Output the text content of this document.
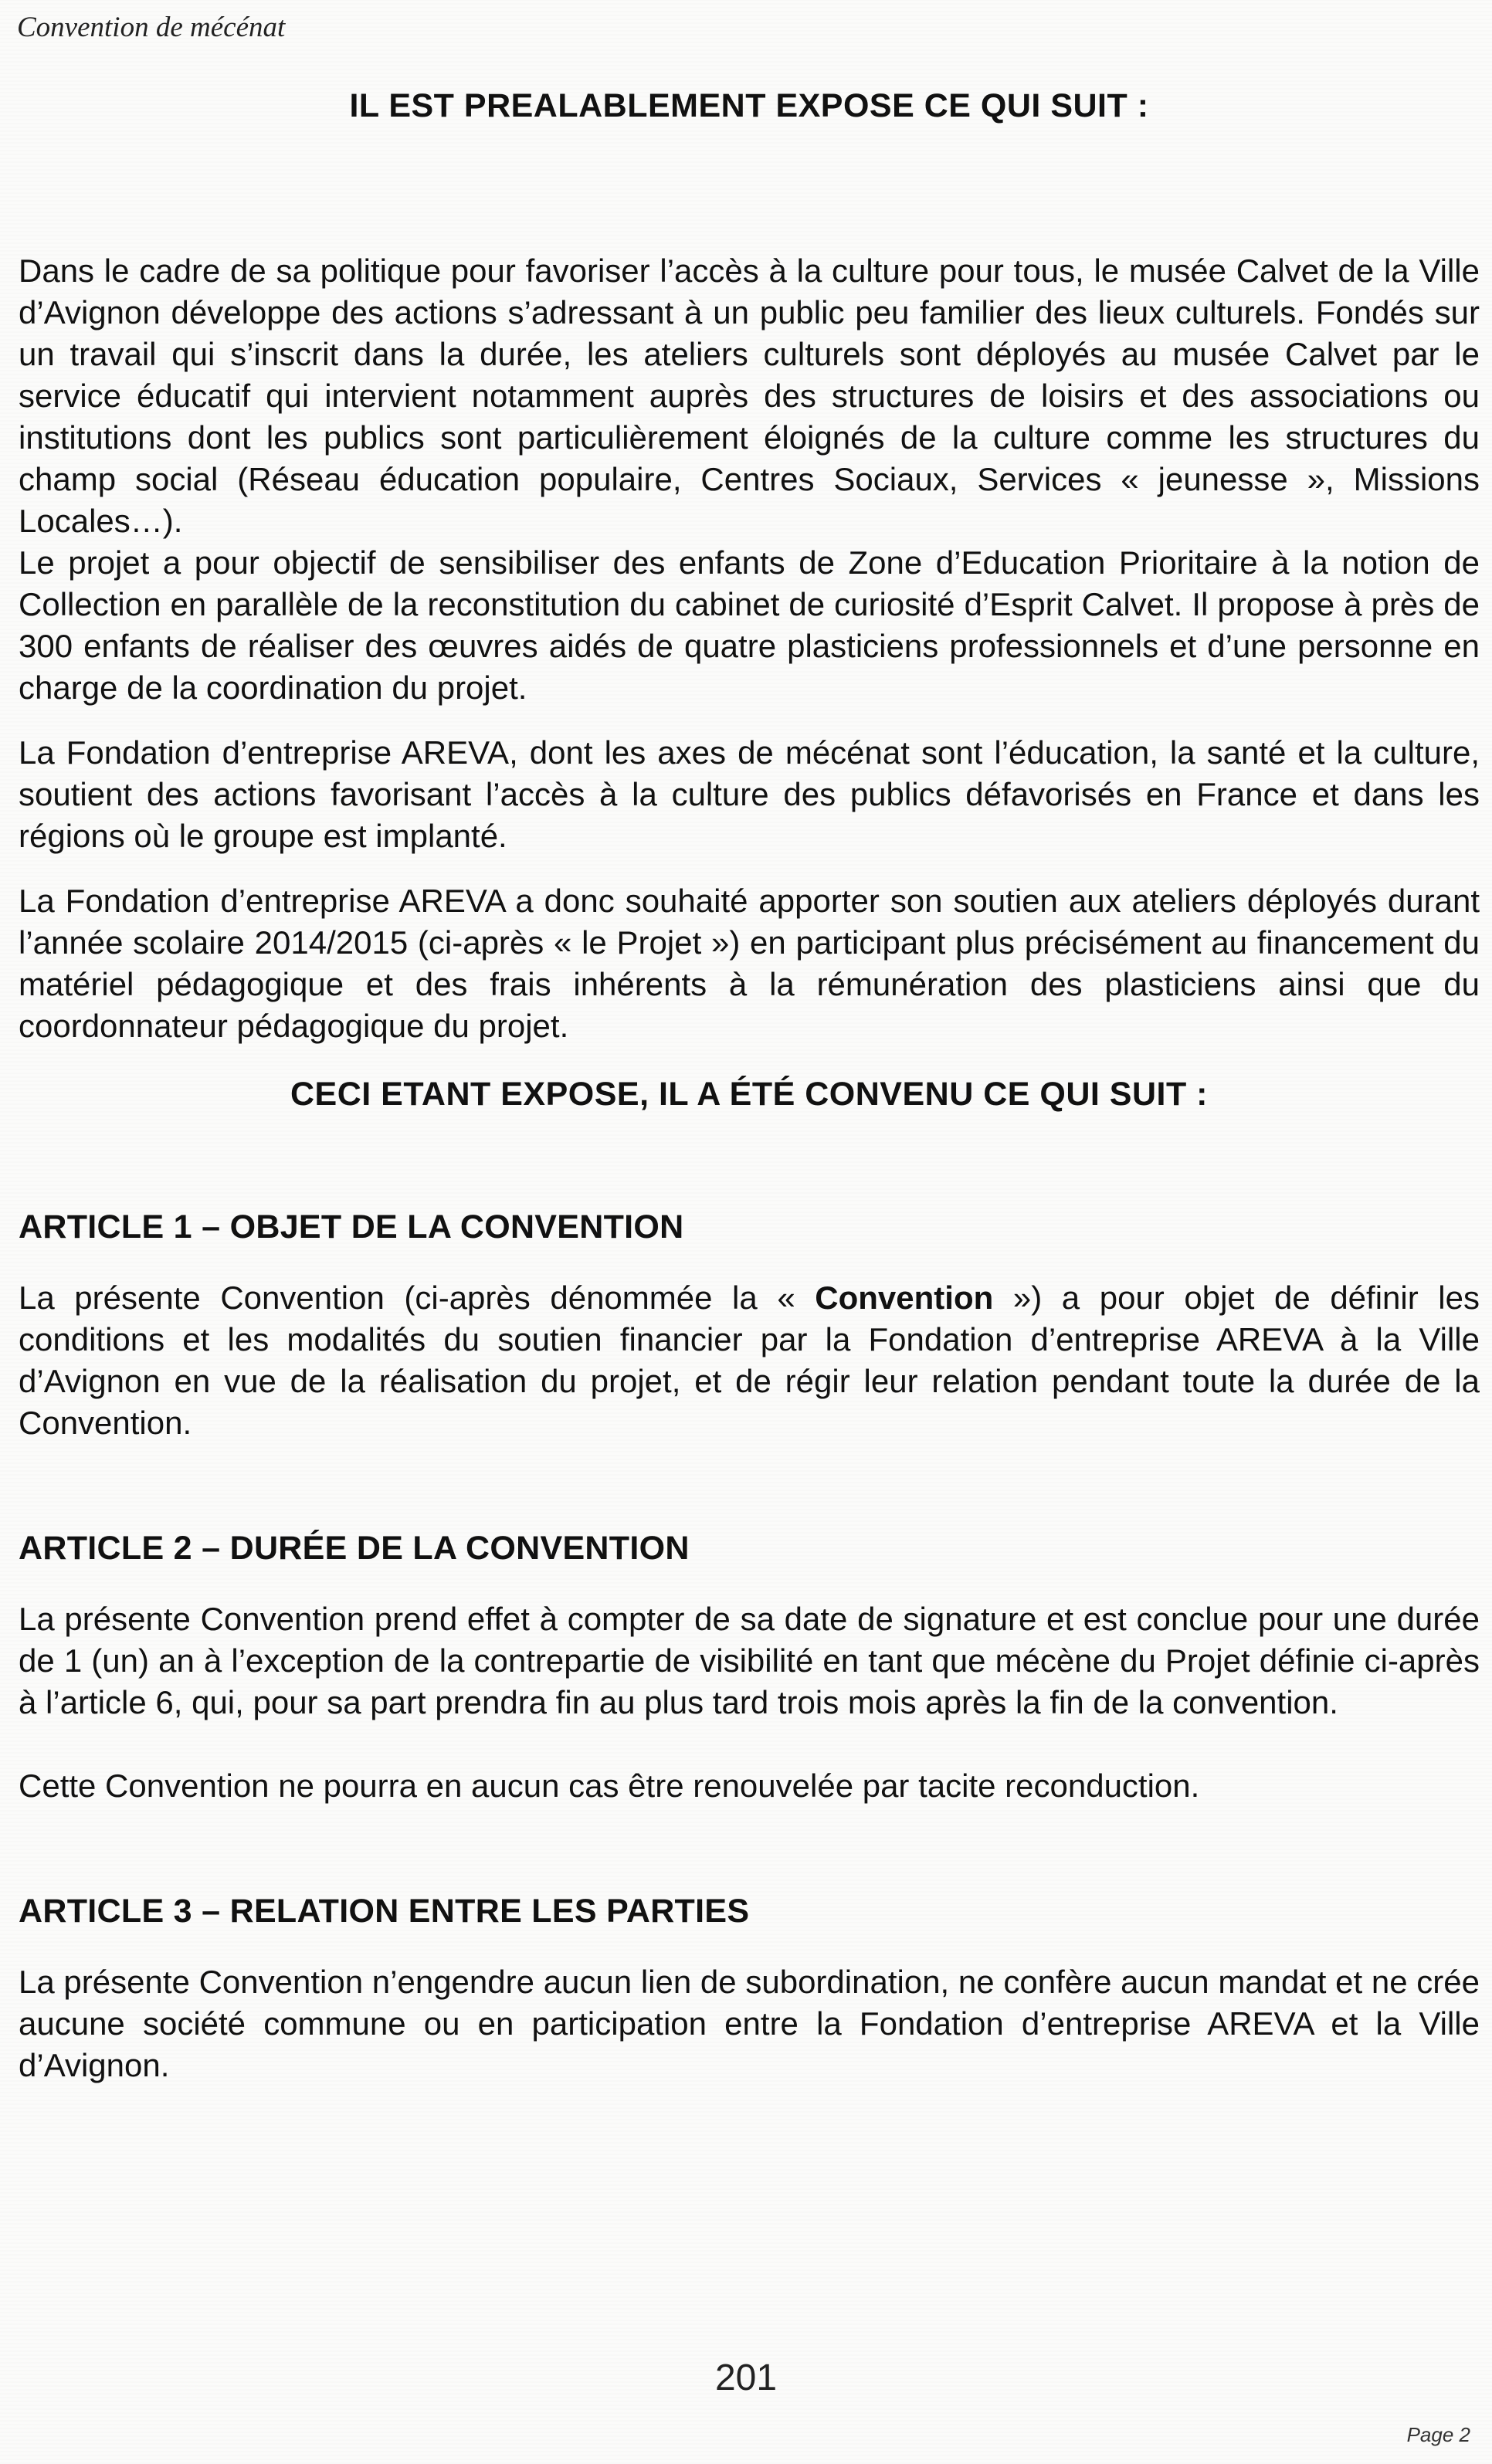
Convention de mécénat
IL EST PREALABLEMENT EXPOSE CE QUI SUIT :

Dans le cadre de sa politique pour favoriser l’accès à la culture pour tous, le musée Calvet de la Ville d’Avignon développe des actions s’adressant à un public peu familier des lieux culturels. Fondés sur un travail qui s’inscrit dans la durée, les ateliers culturels sont déployés au musée Calvet par le service éducatif qui intervient notamment auprès des structures de loisirs et des associations ou institutions dont les publics sont particulièrement éloignés de la culture comme les structures du champ social (Réseau éducation populaire, Centres Sociaux, Services « jeunesse », Missions Locales…).

Le projet a pour objectif de sensibiliser des enfants de Zone d’Education Prioritaire à la notion de Collection en parallèle de la reconstitution du cabinet de curiosité d’Esprit Calvet. Il propose à près de 300 enfants de réaliser des œuvres aidés de quatre plasticiens professionnels et d’une personne en charge de la coordination du projet.

La Fondation d’entreprise AREVA, dont les axes de mécénat sont l’éducation, la santé et la culture, soutient des actions favorisant l’accès à la culture des publics défavorisés en France et dans les régions où le groupe est implanté.

La Fondation d’entreprise AREVA a donc souhaité apporter son soutien aux ateliers déployés durant l’année scolaire 2014/2015 (ci-après « le Projet ») en participant plus précisément au financement du matériel pédagogique et des frais inhérents à la rémunération des plasticiens ainsi que du coordonnateur pédagogique du projet.

CECI ETANT EXPOSE, IL A ÉTÉ CONVENU CE QUI SUIT :
ARTICLE 1 – OBJET DE LA CONVENTION

La présente Convention (ci-après dénommée la « Convention ») a pour objet de définir les conditions et les modalités du soutien financier par la Fondation d’entreprise AREVA à la Ville d’Avignon en vue de la réalisation du projet, et de régir leur relation pendant toute la durée de la Convention.

ARTICLE 2 – DURÉE DE LA CONVENTION

La présente Convention prend effet à compter de sa date de signature et est conclue pour une durée de 1 (un) an à l’exception de la contrepartie de visibilité en tant que mécène du Projet définie ci-après à l’article 6, qui, pour sa part prendra fin au plus tard trois mois après la fin de la convention.

Cette Convention ne pourra en aucun cas être renouvelée par tacite reconduction.

ARTICLE 3 – RELATION ENTRE LES PARTIES

La présente Convention n’engendre aucun lien de subordination, ne confère aucun mandat et ne crée aucune société commune ou en participation entre la Fondation d’entreprise AREVA et la Ville d’Avignon.

201
Page 2
